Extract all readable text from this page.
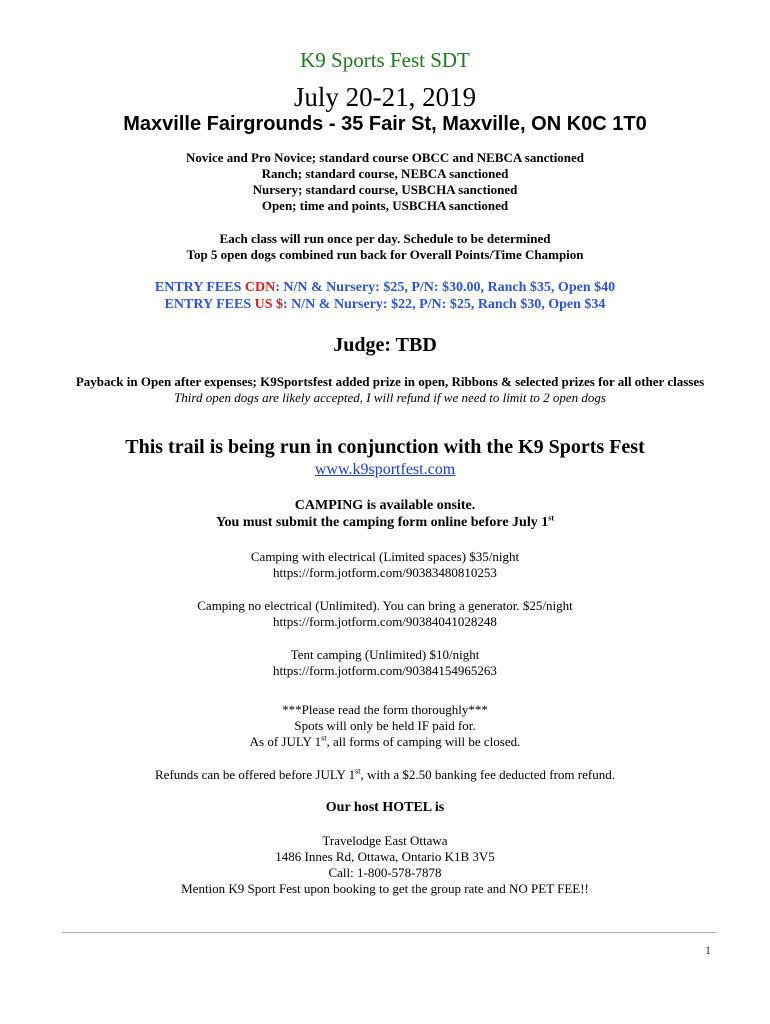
K9 Sports Fest SDT
July 20-21, 2019
Maxville Fairgrounds - 35 Fair St, Maxville, ON K0C 1T0
Novice and Pro Novice; standard course OBCC and NEBCA sanctioned
Ranch; standard course, NEBCA sanctioned
Nursery; standard course, USBCHA sanctioned
Open; time and points, USBCHA sanctioned
Each class will run once per day. Schedule to be determined
Top 5 open dogs combined run back for Overall Points/Time Champion
ENTRY FEES CDN: N/N & Nursery: $25, P/N: $30.00, Ranch $35, Open $40
ENTRY FEES US $: N/N & Nursery: $22, P/N: $25, Ranch $30, Open $34
Judge: TBD
Payback in Open after expenses; K9Sportsfest added prize in open, Ribbons & selected prizes for all other classes
Third open dogs are likely accepted, I will refund if we need to limit to 2 open dogs
This trail is being run in conjunction with the K9 Sports Fest
www.k9sportfest.com
CAMPING is available onsite.
You must submit the camping form online before July 1st
Camping with electrical (Limited spaces) $35/night
https://form.jotform.com/90383480810253
Camping no electrical (Unlimited). You can bring a generator. $25/night
https://form.jotform.com/90384041028248
Tent camping (Unlimited) $10/night
https://form.jotform.com/90384154965263
***Please read the form thoroughly***
Spots will only be held IF paid for.
As of JULY 1st, all forms of camping will be closed.
Refunds can be offered before JULY 1st, with a $2.50 banking fee deducted from refund.
Our host HOTEL is
Travelodge East Ottawa
1486 Innes Rd, Ottawa, Ontario K1B 3V5
Call: 1-800-578-7878
Mention K9 Sport Fest upon booking to get the group rate and NO PET FEE!!
1
